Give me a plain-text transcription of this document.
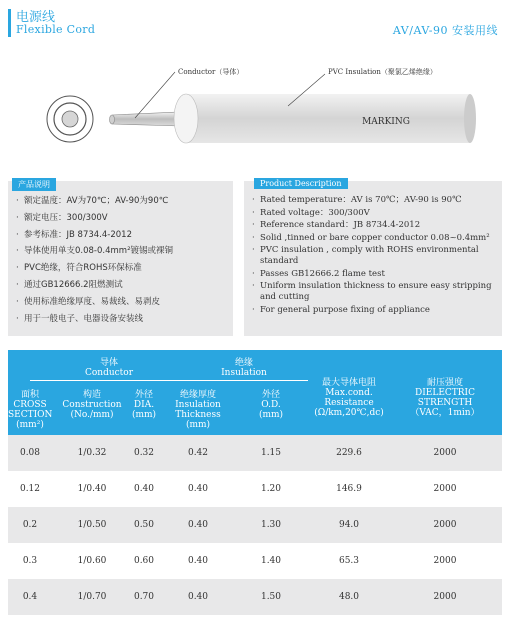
电源线
Flexible Cord	AV/AV-90 安装用线
MARKING
Conductor（导体）	PVC Insulation（聚氯乙烯绝缘）
产品说明
· 额定温度：AV为70℃；AV-90为90℃
· 额定电压：300/300V
· 参考标准：JB 8734.4-2012
· 导体使用单支0.08-0.4mm²镀锡或裸铜
· PVC绝缘，符合ROHS环保标准
· 通过GB12666.2阻燃测试
· 使用标准绝缘厚度、易裁线、易剥皮
· 用于一般电子、电器设备安装线
Product Description
· Rated temperature：AV is 70℃；AV-90 is 90℃
· Rated voltage：300/300V
· Reference standard：JB 8734.4-2012
· Solid ,tinned or bare copper conductor 0.08~0.4mm²
· PVC insulation , comply with ROHS environmental standard
· Passes GB12666.2 flame test
· Uniform insulation thickness to ensure easy stripping and cutting
· For general purpose fixing of appliance
导体
Conductor
绝缘
Insulation
面积
CROSS
SECTION
(mm²)
构造
Construction
(No./mm)
外径
DIA.
(mm)
绝缘厚度
Insulation
Thickness
(mm)
外径
O.D.
(mm)
最大导体电阻
Max.cond.
Resistance
(Ω/km,20℃,dc)
耐压强度
DIELECTRIC
STRENGTH
（VAC，1min）
0.08	1/0.32	0.32	0.42	1.15	229.6	2000
0.12	1/0.40	0.40	0.40	1.20	146.9	2000
0.2	1/0.50	0.50	0.40	1.30	94.0	2000
0.3	1/0.60	0.60	0.40	1.40	65.3	2000
0.4	1/0.70	0.70	0.40	1.50	48.0	2000
